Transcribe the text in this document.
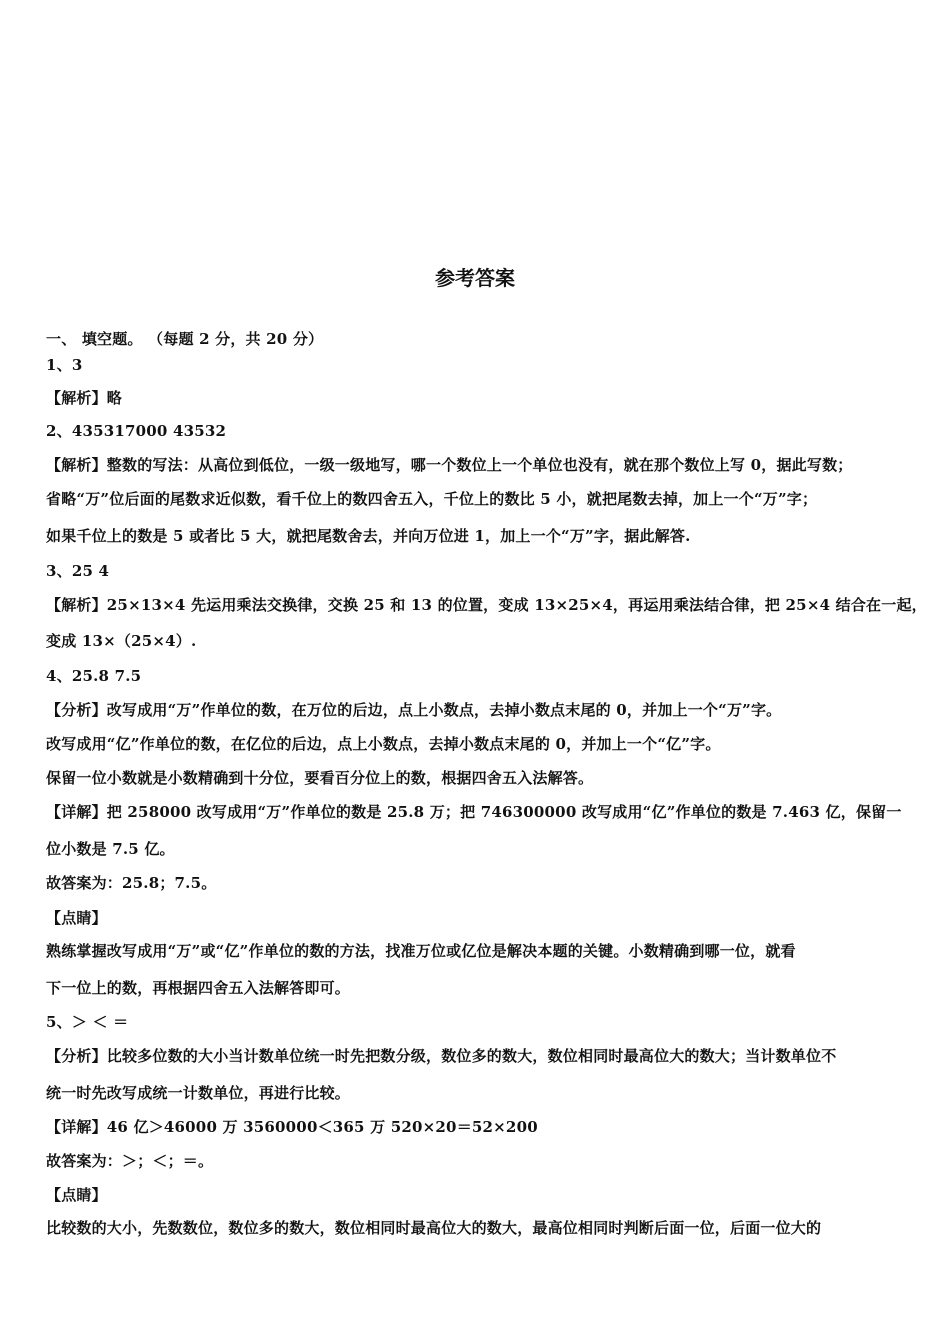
参考答案
一、 填空题。 （每题 2 分，共 20 分）
1、3
【解析】略
2、435317000 43532
【解析】整数的写法：从高位到低位，一级一级地写，哪一个数位上一个单位也没有，就在那个数位上写 0，据此写数；
省略“万”位后面的尾数求近似数，看千位上的数四舍五入，千位上的数比 5 小，就把尾数去掉，加上一个“万”字；
如果千位上的数是 5 或者比 5 大，就把尾数舍去，并向万位进 1，加上一个“万”字，据此解答.
3、25 4
【解析】25×13×4 先运用乘法交换律，交换 25 和 13 的位置，变成 13×25×4，再运用乘法结合律，把 25×4 结合在一起，
变成 13×（25×4）.
4、25.8 7.5
【分析】改写成用“万”作单位的数，在万位的后边，点上小数点，去掉小数点末尾的 0，并加上一个“万”字。
改写成用“亿”作单位的数，在亿位的后边，点上小数点，去掉小数点末尾的 0，并加上一个“亿”字。
保留一位小数就是小数精确到十分位，要看百分位上的数，根据四舍五入法解答。
【详解】把 258000 改写成用“万”作单位的数是 25.8 万；把 746300000 改写成用“亿”作单位的数是 7.463 亿，保留一
位小数是 7.5 亿。
故答案为：25.8；7.5。
【点睛】
熟练掌握改写成用“万”或“亿”作单位的数的方法，找准万位或亿位是解决本题的关键。小数精确到哪一位，就看
下一位上的数，再根据四舍五入法解答即可。
5、＞ ＜ ＝
【分析】比较多位数的大小当计数单位统一时先把数分级，数位多的数大，数位相同时最高位大的数大；当计数单位不
统一时先改写成统一计数单位，再进行比较。
【详解】46 亿＞46000 万 3560000＜365 万 520×20＝52×200
故答案为：＞；＜；＝。
【点睛】
比较数的大小，先数数位，数位多的数大，数位相同时最高位大的数大，最高位相同时判断后面一位，后面一位大的
